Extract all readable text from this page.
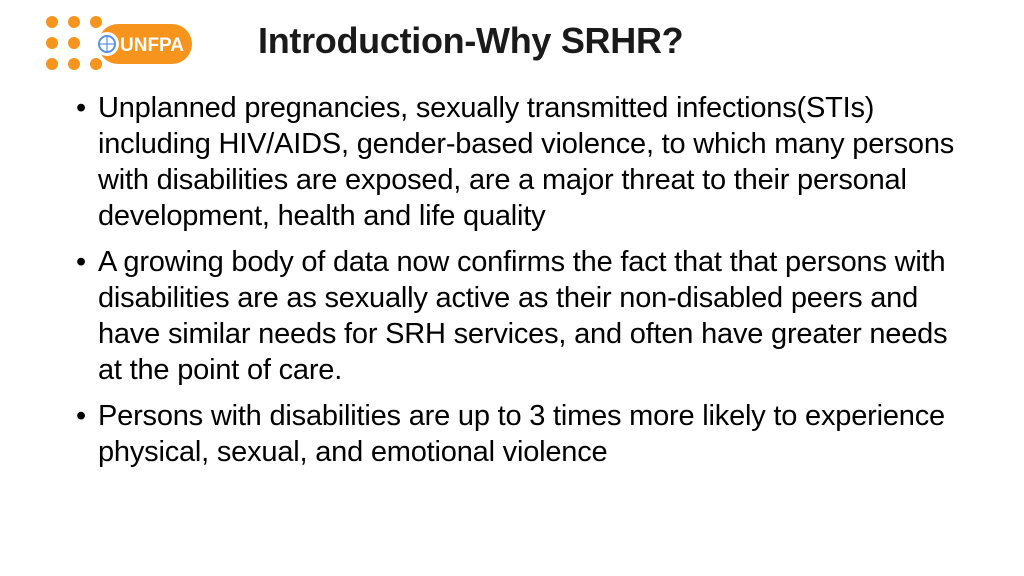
UNFPA Introduction-Why SRHR?
• Unplanned pregnancies, sexually transmitted infections(STIs) including HIV/AIDS, gender-based violence, to which many persons with disabilities are exposed, are a major threat to their personal development, health and life quality
• A growing body of data now confirms the fact that that persons with disabilities are as sexually active as their non-disabled peers and have similar needs for SRH services, and often have greater needs at the point of care.
• Persons with disabilities are up to 3 times more likely to experience physical, sexual, and emotional violence
